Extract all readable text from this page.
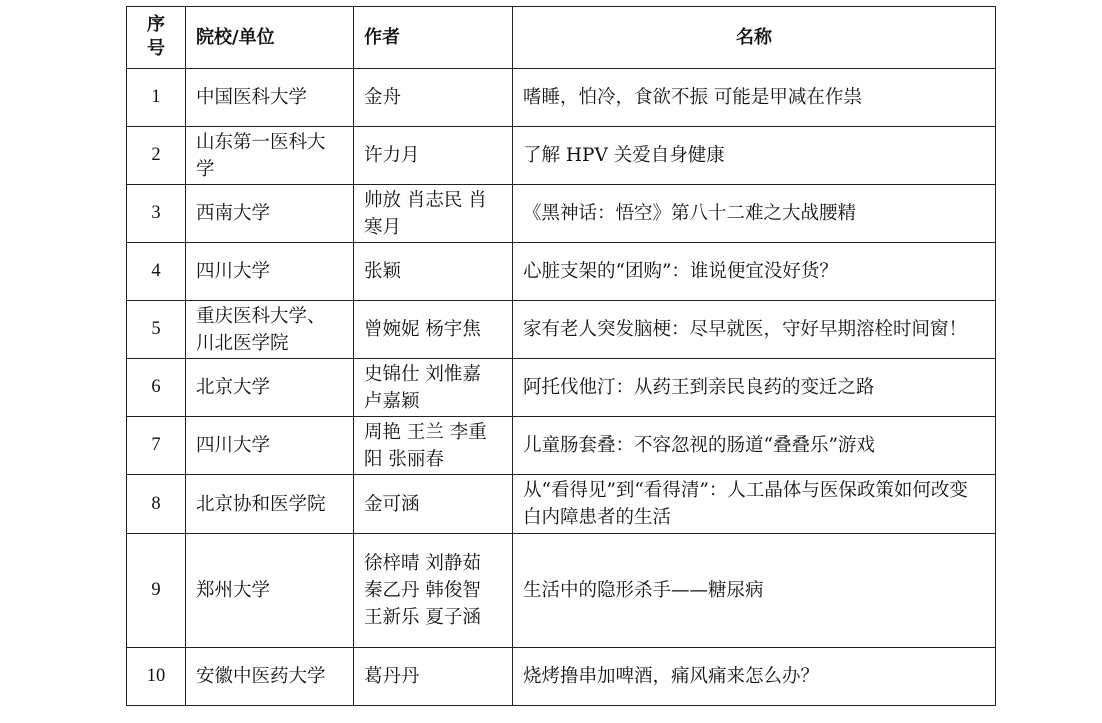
序号	院校/单位	作者	名称
1	中国医科大学	金舟	嗜睡，怕冷，食欲不振 可能是甲减在作祟
2	山东第一医科大学	许力月	了解 HPV 关爱自身健康
3	西南大学	帅放 肖志民 肖寒月	《黑神话：悟空》第八十二难之大战腰精
4	四川大学	张颖	心脏支架的“团购”：谁说便宜没好货？
5	重庆医科大学、川北医学院	曾婉妮 杨宇焦	家有老人突发脑梗：尽早就医，守好早期溶栓时间窗！
6	北京大学	史锦仕 刘惟嘉 卢嘉颖	阿托伐他汀：从药王到亲民良药的变迁之路
7	四川大学	周艳 王兰 李重阳 张丽春	儿童肠套叠：不容忽视的肠道“叠叠乐”游戏
8	北京协和医学院	金可涵	从“看得见”到“看得清”：人工晶体与医保政策如何改变白内障患者的生活
9	郑州大学	徐梓晴 刘静茹 秦乙丹 韩俊智 王新乐 夏子涵	生活中的隐形杀手——糖尿病
10	安徽中医药大学	葛丹丹	烧烤撸串加啤酒，痛风痛来怎么办？
